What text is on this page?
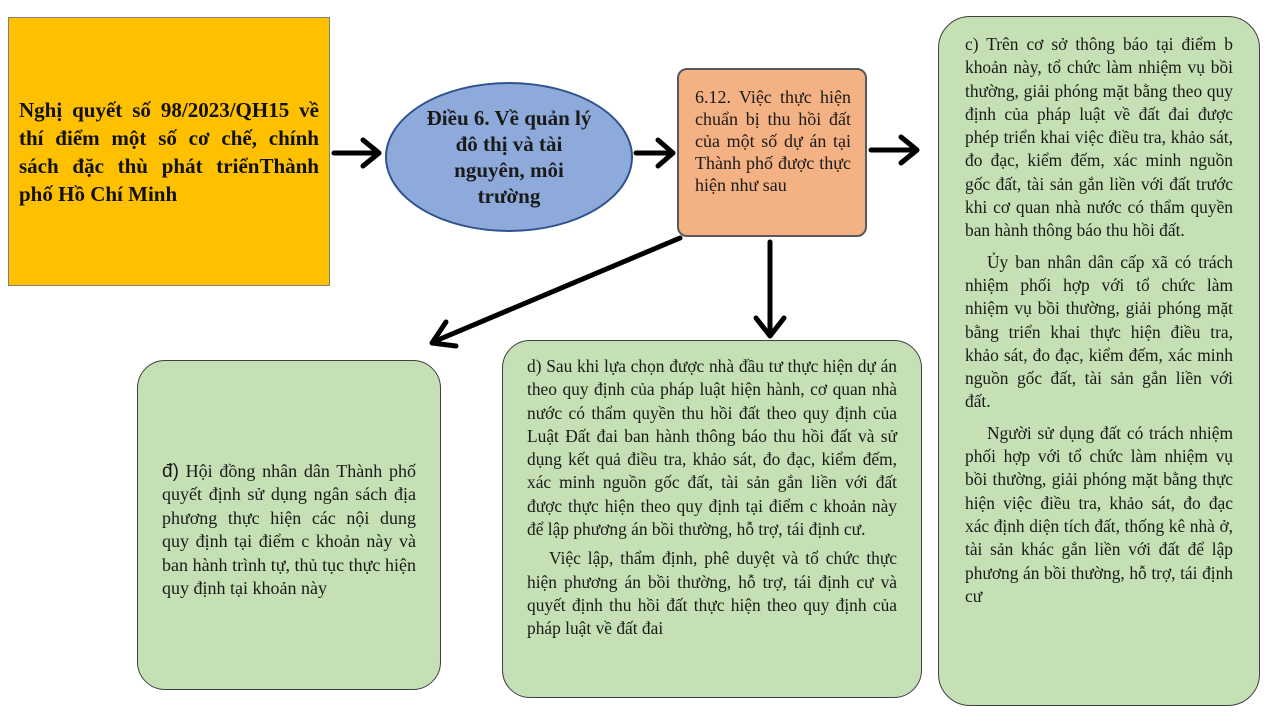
Nghị quyết số 98/2023/QH15 về thí điểm một số cơ chế, chính sách đặc thù phát triểnThành phố Hồ Chí Minh
Điều 6. Về quản lý đô thị và tài nguyên, môi trường
6.12. Việc thực hiện chuẩn bị thu hồi đất của một số dự án tại Thành phố được thực hiện như sau
đ) Hội đồng nhân dân Thành phố quyết định sử dụng ngân sách địa phương thực hiện các nội dung quy định tại điểm c khoản này và ban hành trình tự, thủ tục thực hiện quy định tại khoản này
d) Sau khi lựa chọn được nhà đầu tư thực hiện dự án theo quy định của pháp luật hiện hành, cơ quan nhà nước có thẩm quyền thu hồi đất theo quy định của Luật Đất đai ban hành thông báo thu hồi đất và sử dụng kết quả điều tra, khảo sát, đo đạc, kiểm đếm, xác minh nguồn gốc đất, tài sản gắn liền với đất được thực hiện theo quy định tại điểm c khoản này để lập phương án bồi thường, hỗ trợ, tái định cư.
Việc lập, thẩm định, phê duyệt và tổ chức thực hiện phương án bồi thường, hỗ trợ, tái định cư và quyết định thu hồi đất thực hiện theo quy định của pháp luật về đất đai
c) Trên cơ sở thông báo tại điểm b khoản này, tổ chức làm nhiệm vụ bồi thường, giải phóng mặt bằng theo quy định của pháp luật về đất đai được phép triển khai việc điều tra, khảo sát, đo đạc, kiểm đếm, xác minh nguồn gốc đất, tài sản gắn liền với đất trước khi cơ quan nhà nước có thẩm quyền ban hành thông báo thu hồi đất.
Ủy ban nhân dân cấp xã có trách nhiệm phối hợp với tổ chức làm nhiệm vụ bồi thường, giải phóng mặt bằng triển khai thực hiện điều tra, khảo sát, đo đạc, kiểm đếm, xác minh nguồn gốc đất, tài sản gắn liền với đất.
Người sử dụng đất có trách nhiệm phối hợp với tổ chức làm nhiệm vụ bồi thường, giải phóng mặt bằng thực hiện việc điều tra, khảo sát, đo đạc xác định diện tích đất, thống kê nhà ở, tài sản khác gắn liền với đất để lập phương án bồi thường, hỗ trợ, tái định cư
